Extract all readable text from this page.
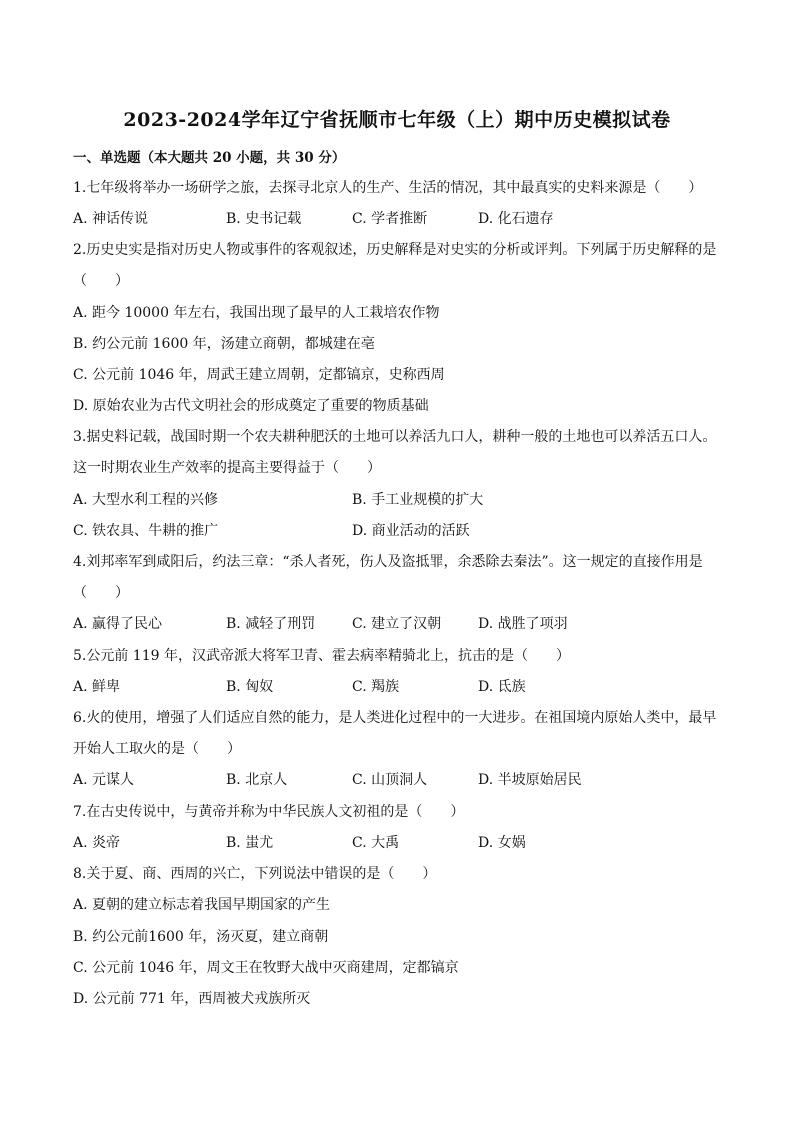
2023-2024学年辽宁省抚顺市七年级（上）期中历史模拟试卷
一、单选题（本大题共 20 小题，共 30 分）
1.七年级将举办一场研学之旅，去探寻北京人的生产、生活的情况，其中最真实的史料来源是（　　）
A. 神话传说	B. 史书记载	C. 学者推断	D. 化石遗存
2.历史史实是指对历史人物或事件的客观叙述，历史解释是对史实的分析或评判。下列属于历史解释的是
（　　）
A. 距今 10000 年左右，我国出现了最早的人工栽培农作物
B. 约公元前 1600 年，汤建立商朝，都城建在亳
C. 公元前 1046 年，周武王建立周朝，定都镐京，史称西周
D. 原始农业为古代文明社会的形成奠定了重要的物质基础
3.据史料记载，战国时期一个农夫耕种肥沃的土地可以养活九口人，耕种一般的土地也可以养活五口人。
这一时期农业生产效率的提高主要得益于（　　）
A. 大型水利工程的兴修	B. 手工业规模的扩大
C. 铁农具、牛耕的推广	D. 商业活动的活跃
4.刘邦率军到咸阳后，约法三章：“杀人者死，伤人及盗抵罪，余悉除去秦法”。这一规定的直接作用是
（　　）
A. 赢得了民心	B. 减轻了刑罚	C. 建立了汉朝	D. 战胜了项羽
5.公元前 119 年，汉武帝派大将军卫青、霍去病率精骑北上，抗击的是（　　）
A. 鲜卑	B. 匈奴	C. 羯族	D. 氐族
6.火的使用，增强了人们适应自然的能力，是人类进化过程中的一大进步。在祖国境内原始人类中，最早
开始人工取火的是（　　）
A. 元谋人	B. 北京人	C. 山顶洞人	D. 半坡原始居民
7.在古史传说中，与黄帝并称为中华民族人文初祖的是（　　）
A. 炎帝	B. 蚩尤	C. 大禹	D. 女娲
8.关于夏、商、西周的兴亡，下列说法中错误的是（　　）
A. 夏朝的建立标志着我国早期国家的产生
B. 约公元前1600 年，汤灭夏，建立商朝
C. 公元前 1046 年，周文王在牧野大战中灭商建周，定都镐京
D. 公元前 771 年，西周被犬戎族所灭
